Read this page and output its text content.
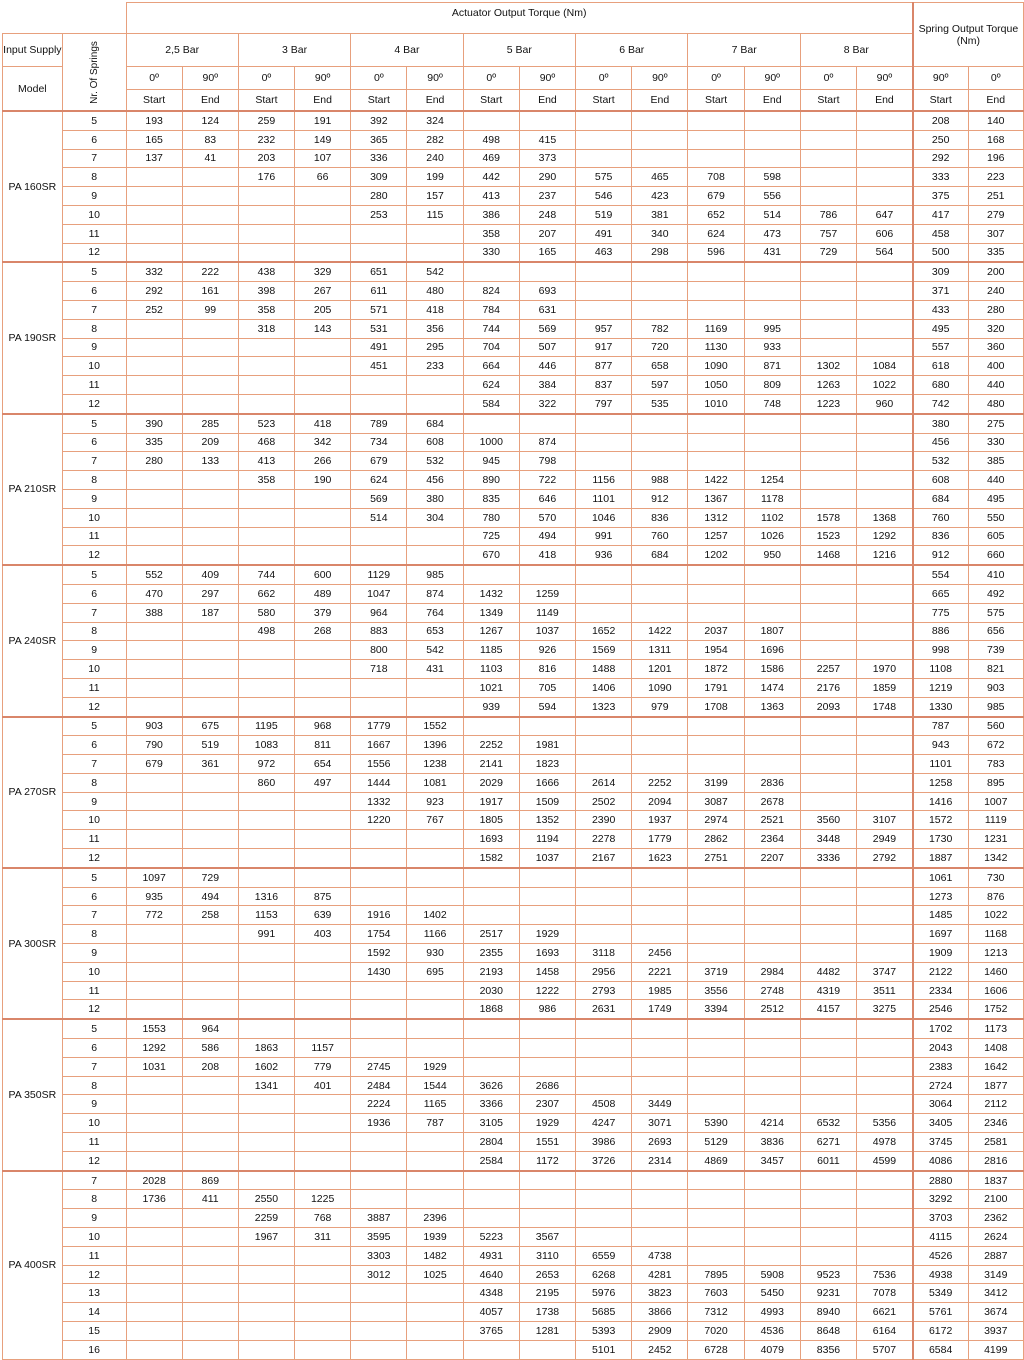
		Actuator Output Torque (Nm)														Spring Output Torque (Nm)	
Input Supply	Nr. Of Springs	2,5 Bar		3 Bar		4 Bar		5 Bar		6 Bar		7 Bar		8 Bar			
Model		0º	90º	0º	90º	0º	90º	0º	90º	0º	90º	0º	90º	0º	90º	90º	0º
		Start	End	Start	End	Start	End	Start	End	Start	End	Start	End	Start	End	Start	End
PA 160SR	5	193	124	259	191	392	324									208	140
	6	165	83	232	149	365	282	498	415							250	168
	7	137	41	203	107	336	240	469	373							292	196
	8			176	66	309	199	442	290	575	465	708	598			333	223
	9					280	157	413	237	546	423	679	556			375	251
	10					253	115	386	248	519	381	652	514	786	647	417	279
	11							358	207	491	340	624	473	757	606	458	307
	12							330	165	463	298	596	431	729	564	500	335
PA 190SR	5	332	222	438	329	651	542									309	200
	6	292	161	398	267	611	480	824	693							371	240
	7	252	99	358	205	571	418	784	631							433	280
	8			318	143	531	356	744	569	957	782	1169	995			495	320
	9					491	295	704	507	917	720	1130	933			557	360
	10					451	233	664	446	877	658	1090	871	1302	1084	618	400
	11							624	384	837	597	1050	809	1263	1022	680	440
	12							584	322	797	535	1010	748	1223	960	742	480
PA 210SR	5	390	285	523	418	789	684									380	275
	6	335	209	468	342	734	608	1000	874							456	330
	7	280	133	413	266	679	532	945	798							532	385
	8			358	190	624	456	890	722	1156	988	1422	1254			608	440
	9					569	380	835	646	1101	912	1367	1178			684	495
	10					514	304	780	570	1046	836	1312	1102	1578	1368	760	550
	11							725	494	991	760	1257	1026	1523	1292	836	605
	12							670	418	936	684	1202	950	1468	1216	912	660
PA 240SR	5	552	409	744	600	1129	985									554	410
	6	470	297	662	489	1047	874	1432	1259							665	492
	7	388	187	580	379	964	764	1349	1149							775	575
	8			498	268	883	653	1267	1037	1652	1422	2037	1807			886	656
	9					800	542	1185	926	1569	1311	1954	1696			998	739
	10					718	431	1103	816	1488	1201	1872	1586	2257	1970	1108	821
	11							1021	705	1406	1090	1791	1474	2176	1859	1219	903
	12							939	594	1323	979	1708	1363	2093	1748	1330	985
PA 270SR	5	903	675	1195	968	1779	1552									787	560
	6	790	519	1083	811	1667	1396	2252	1981							943	672
	7	679	361	972	654	1556	1238	2141	1823							1101	783
	8			860	497	1444	1081	2029	1666	2614	2252	3199	2836			1258	895
	9					1332	923	1917	1509	2502	2094	3087	2678			1416	1007
	10					1220	767	1805	1352	2390	1937	2974	2521	3560	3107	1572	1119
	11							1693	1194	2278	1779	2862	2364	3448	2949	1730	1231
	12							1582	1037	2167	1623	2751	2207	3336	2792	1887	1342
PA 300SR	5	1097	729													1061	730
	6	935	494	1316	875											1273	876
	7	772	258	1153	639	1916	1402									1485	1022
	8			991	403	1754	1166	2517	1929							1697	1168
	9					1592	930	2355	1693	3118	2456					1909	1213
	10					1430	695	2193	1458	2956	2221	3719	2984	4482	3747	2122	1460
	11							2030	1222	2793	1985	3556	2748	4319	3511	2334	1606
	12							1868	986	2631	1749	3394	2512	4157	3275	2546	1752
PA 350SR	5	1553	964													1702	1173
	6	1292	586	1863	1157											2043	1408
	7	1031	208	1602	779	2745	1929									2383	1642
	8			1341	401	2484	1544	3626	2686							2724	1877
	9					2224	1165	3366	2307	4508	3449					3064	2112
	10					1936	787	3105	1929	4247	3071	5390	4214	6532	5356	3405	2346
	11							2804	1551	3986	2693	5129	3836	6271	4978	3745	2581
	12							2584	1172	3726	2314	4869	3457	6011	4599	4086	2816
PA 400SR	7	2028	869													2880	1837
	8	1736	411	2550	1225											3292	2100
	9			2259	768	3887	2396									3703	2362
	10			1967	311	3595	1939	5223	3567							4115	2624
	11					3303	1482	4931	3110	6559	4738					4526	2887
	12					3012	1025	4640	2653	6268	4281	7895	5908	9523	7536	4938	3149
	13							4348	2195	5976	3823	7603	5450	9231	7078	5349	3412
	14							4057	1738	5685	3866	7312	4993	8940	6621	5761	3674
	15							3765	1281	5393	2909	7020	4536	8648	6164	6172	3937
	16									5101	2452	6728	4079	8356	5707	6584	4199
